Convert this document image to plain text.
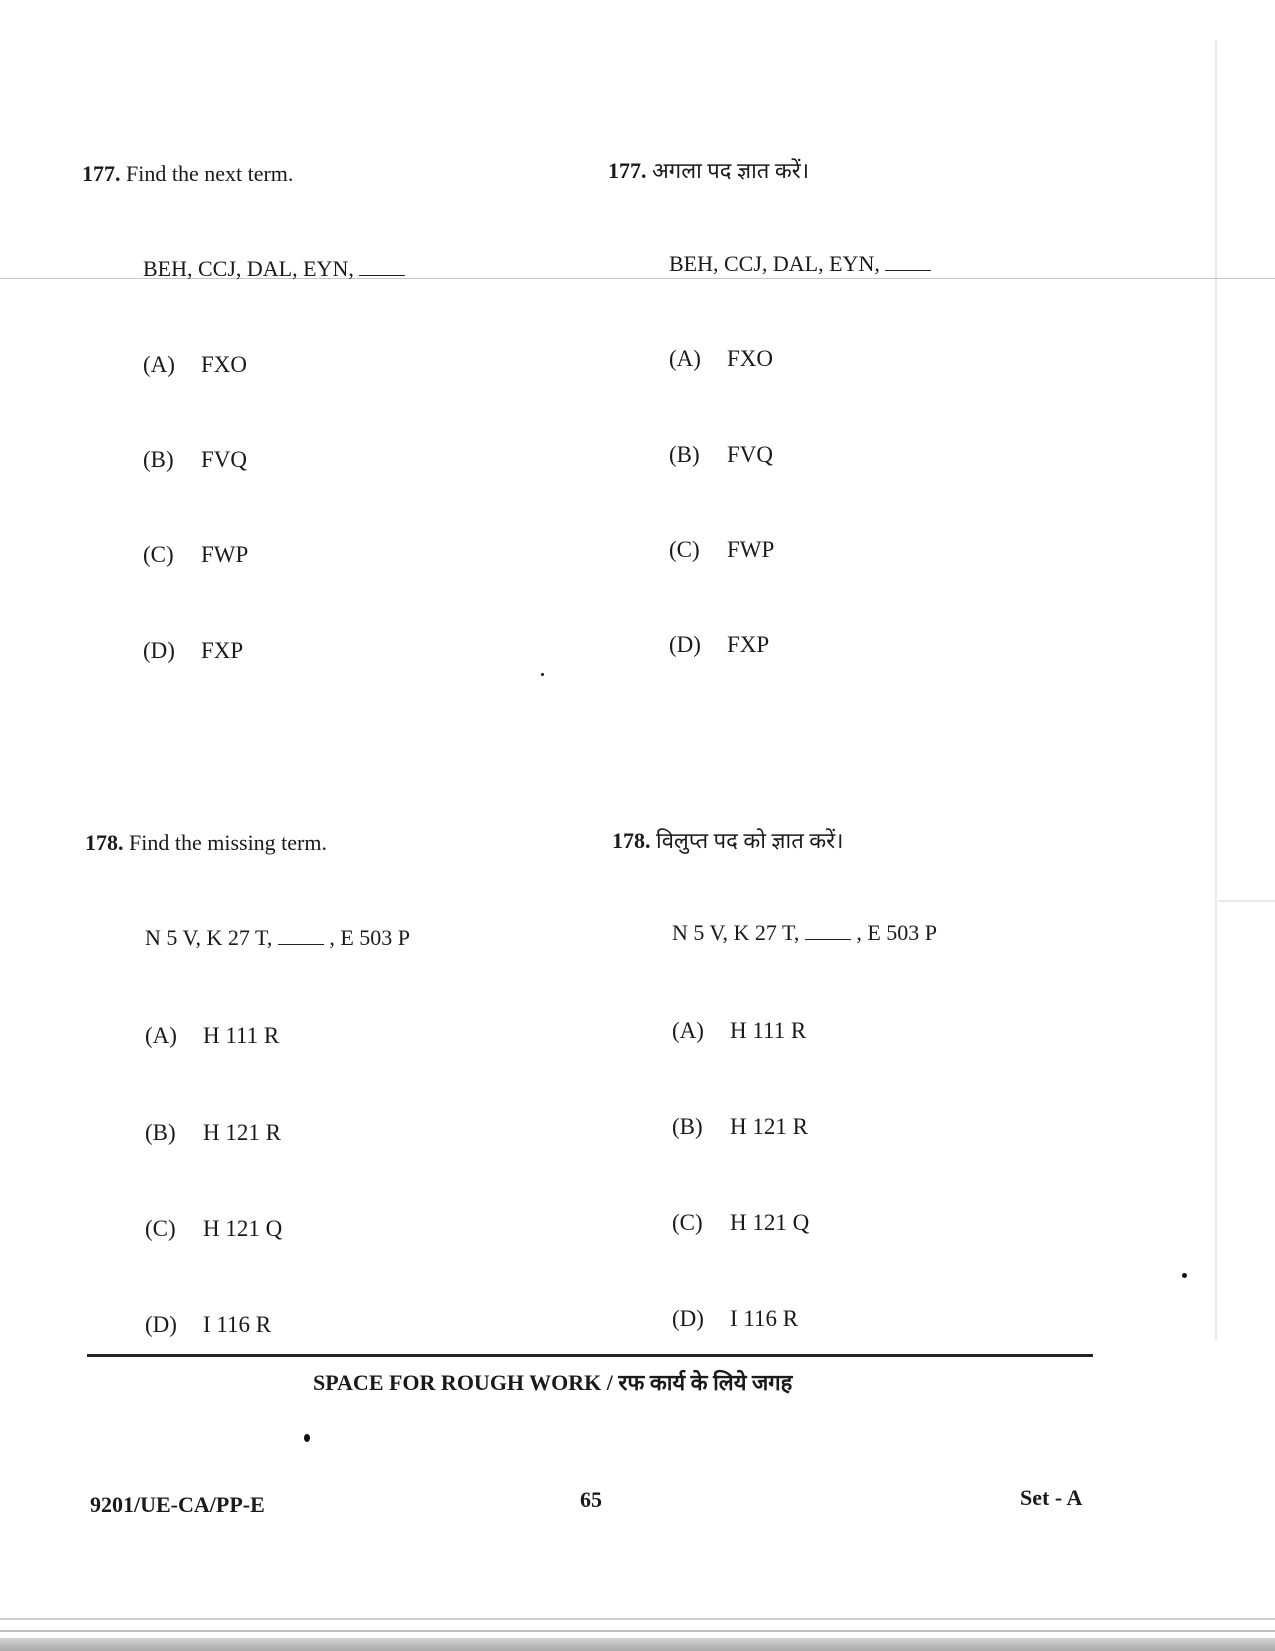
177. Find the next term.
BEH, CCJ, DAL, EYN,
(A) FXO
(B) FVQ
(C) FWP
(D) FXP
177. अगला पद ज्ञात करें।
BEH, CCJ, DAL, EYN,
(A) FXO
(B) FVQ
(C) FWP
(D) FXP
178. Find the missing term.
N 5 V, K 27 T,  , E 503 P
(A) H 111 R
(B) H 121 R
(C) H 121 Q
(D) I 116 R
178. विलुप्त पद को ज्ञात करें।
N 5 V, K 27 T,  , E 503 P
(A) H 111 R
(B) H 121 R
(C) H 121 Q
(D) I 116 R
SPACE FOR ROUGH WORK / रफ कार्य के लिये जगह
9201/UE-CA/PP-E	65	Set - A
